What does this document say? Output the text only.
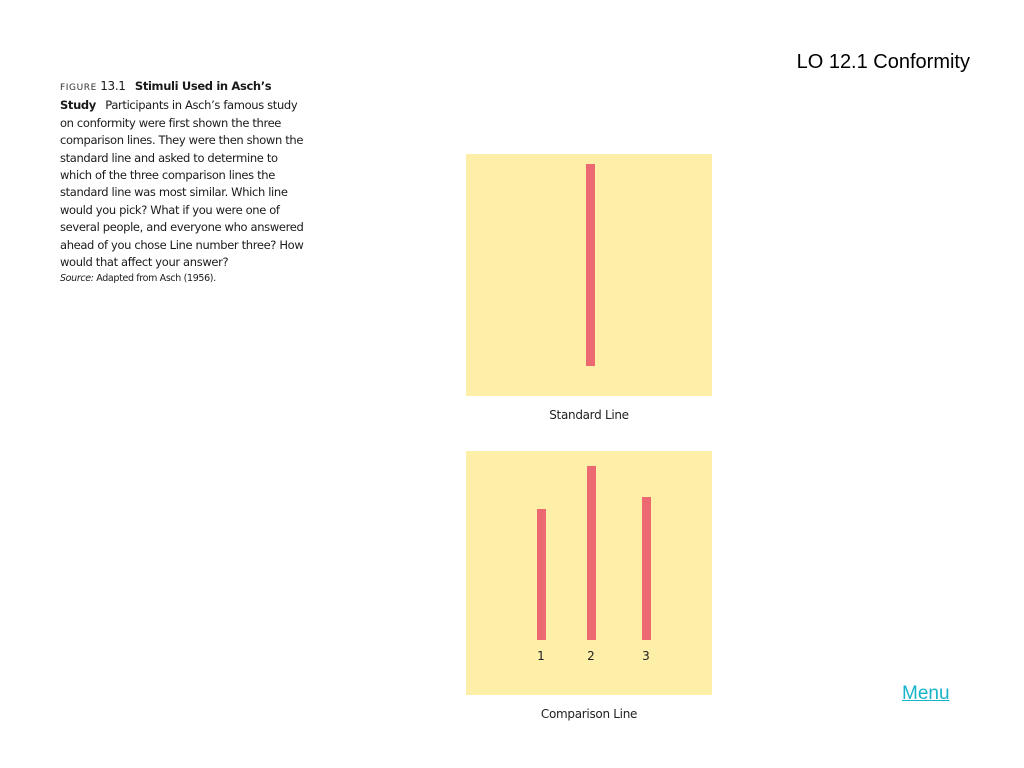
LO 12.1 Conformity
FIGURE 13.1 Stimuli Used in Asch’s Study Participants in Asch’s famous study on conformity were first shown the three comparison lines. They were then shown the standard line and asked to determine to which of the three comparison lines the standard line was most similar. Which line would you pick? What if you were one of several people, and everyone who answered ahead of you chose Line number three? How would that affect your answer?
Source: Adapted from Asch (1956).
Standard Line
1	2	3
Comparison Line
Menu
